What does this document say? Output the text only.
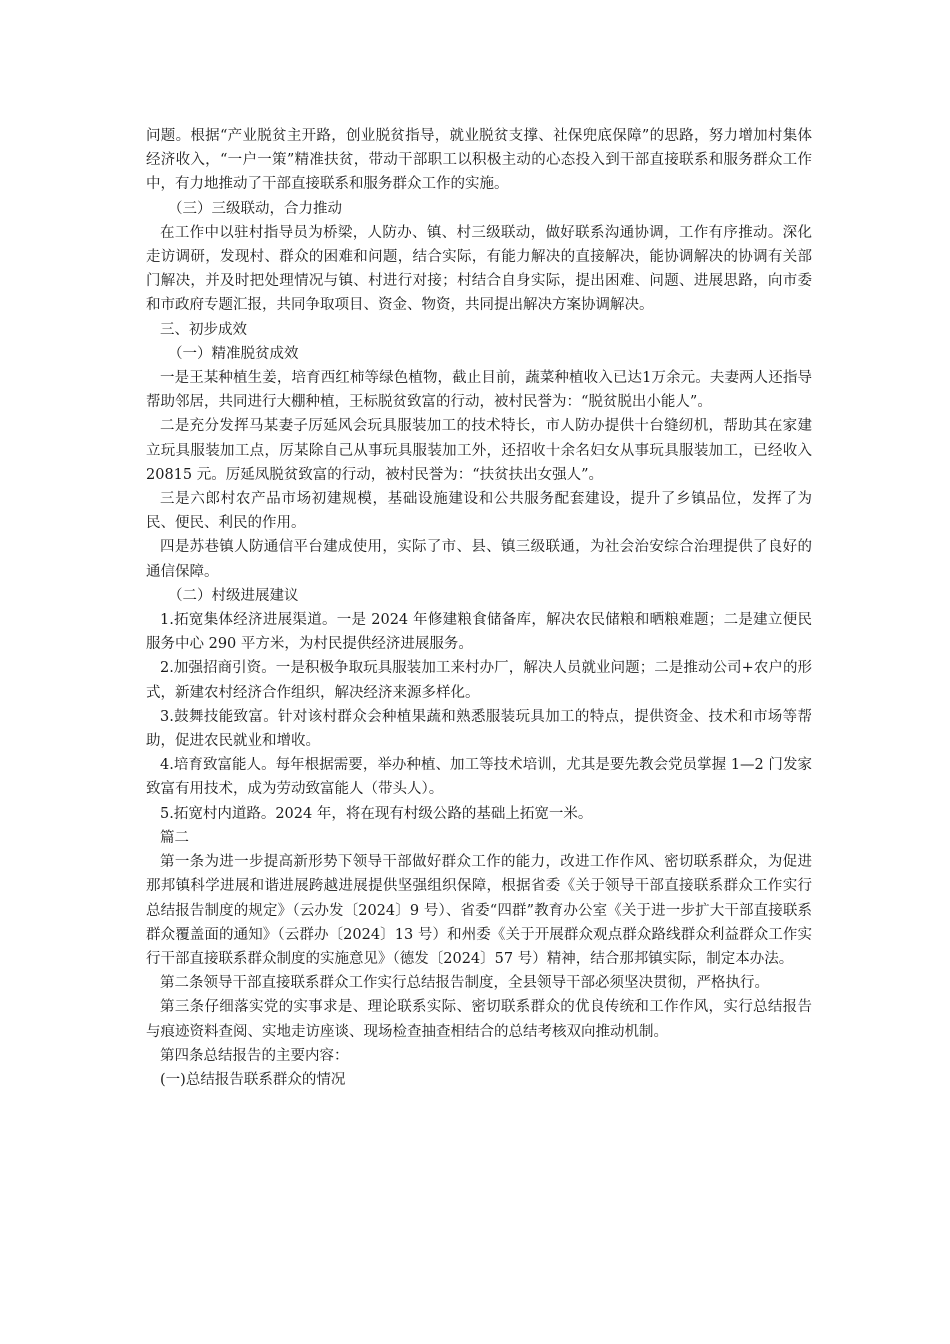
问题。根据“产业脱贫主开路，创业脱贫指导，就业脱贫支撑、社保兜底保障”的思路，努力增加村集体经济收入，“一户一策”精准扶贫，带动干部职工以积极主动的心态投入到干部直接联系和服务群众工作中，有力地推动了干部直接联系和服务群众工作的实施。

（三）三级联动，合力推动

在工作中以驻村指导员为桥梁，人防办、镇、村三级联动，做好联系沟通协调，工作有序推动。深化走访调研，发现村、群众的困难和问题，结合实际，有能力解决的直接解决，能协调解决的协调有关部门解决，并及时把处理情况与镇、村进行对接；村结合自身实际，提出困难、问题、进展思路，向市委和市政府专题汇报，共同争取项目、资金、物资，共同提出解决方案协调解决。

三、初步成效

（一）精准脱贫成效

一是王某种植生姜，培育西红柿等绿色植物，截止目前，蔬菜种植收入已达1万余元。夫妻两人还指导帮助邻居，共同进行大棚种植，王标脱贫致富的行动，被村民誉为：“脱贫脱出小能人”。

二是充分发挥马某妻子厉延风会玩具服装加工的技术特长，市人防办提供十台缝纫机，帮助其在家建立玩具服装加工点，厉某除自己从事玩具服装加工外，还招收十余名妇女从事玩具服装加工，已经收入 20815 元。厉延凤脱贫致富的行动，被村民誉为：“扶贫扶出女强人”。

三是六郎村农产品市场初建规模，基础设施建设和公共服务配套建设，提升了乡镇品位，发挥了为民、便民、利民的作用。

四是苏巷镇人防通信平台建成使用，实际了市、县、镇三级联通，为社会治安综合治理提供了良好的通信保障。

（二）村级进展建议

1.拓宽集体经济进展渠道。一是 2024 年修建粮食储备库，解决农民储粮和晒粮难题；二是建立便民服务中心 290 平方米，为村民提供经济进展服务。

2.加强招商引资。一是积极争取玩具服装加工来村办厂，解决人员就业问题；二是推动公司+农户的形式，新建农村经济合作组织，解决经济来源多样化。

3.鼓舞技能致富。针对该村群众会种植果蔬和熟悉服装玩具加工的特点，提供资金、技术和市场等帮助，促进农民就业和增收。

4.培育致富能人。每年根据需要，举办种植、加工等技术培训，尤其是要先教会党员掌握 1—2 门发家致富有用技术，成为劳动致富能人（带头人）。

5.拓宽村内道路。2024 年，将在现有村级公路的基础上拓宽一米。

篇二

第一条为进一步提高新形势下领导干部做好群众工作的能力，改进工作作风、密切联系群众，为促进那邦镇科学进展和谐进展跨越进展提供坚强组织保障，根据省委《关于领导干部直接联系群众工作实行总结报告制度的规定》（云办发〔2024〕9 号）、省委“四群”教育办公室《关于进一步扩大干部直接联系群众覆盖面的通知》（云群办〔2024〕13 号）和州委《关于开展群众观点群众路线群众利益群众工作实行干部直接联系群众制度的实施意见》（德发〔2024〕57 号）精神，结合那邦镇实际，制定本办法。

第二条领导干部直接联系群众工作实行总结报告制度，全县领导干部必须坚决贯彻，严格执行。

第三条仔细落实党的实事求是、理论联系实际、密切联系群众的优良传统和工作作风，实行总结报告与痕迹资料查阅、实地走访座谈、现场检查抽查相结合的总结考核双向推动机制。

第四条总结报告的主要内容：

(一)总结报告联系群众的情况
